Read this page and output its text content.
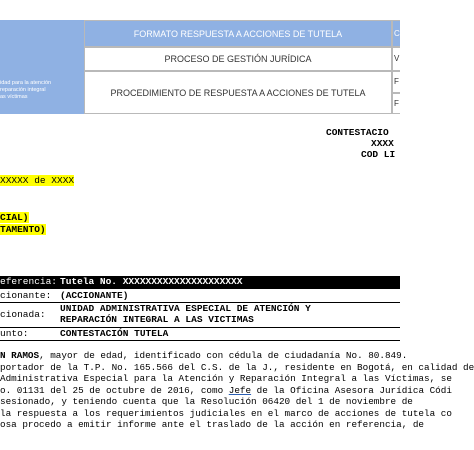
idad para la atención
reparación integral
as víctimas
FORMATO RESPUESTA A ACCIONES DE TUTELA	C
PROCESO DE GESTIÓN JURÍDICA	V
PROCEDIMIENTO DE RESPUESTA A ACCIONES DE TUTELA
F
F
CONTESTACIO
XXXX
COD LI
XXXXX de XXXX
CIAL)
TAMENTO)
eferencia: Tutela No. XXXXXXXXXXXXXXXXXXXXX
cionante: (ACCIONANTE)
cionada:
UNIDAD ADMINISTRATIVA ESPECIAL DE ATENCIÓN Y
REPARACIÓN INTEGRAL A LAS VICTIMAS
unto:	CONTESTACIÓN TUTELA
N RAMOS, mayor de edad, identificado con cédula de ciudadanía No. 80.849.
portador de la T.P. No. 165.566 del C.S. de la J., residente en Bogotá, en calidad de
Administrativa Especial para la Atención y Reparación Integral a las Víctimas, se
o. 01131 del 25 de octubre de 2016, como Jefe de la Oficina Asesora Jurídica Códi
sesionado, y teniendo cuenta que la Resolución 06420 del 1 de noviembre de
la respuesta a los requerimientos judiciales en el marco de acciones de tutela co
osa procedo a emitir informe ante el traslado de la acción en referencia, de
